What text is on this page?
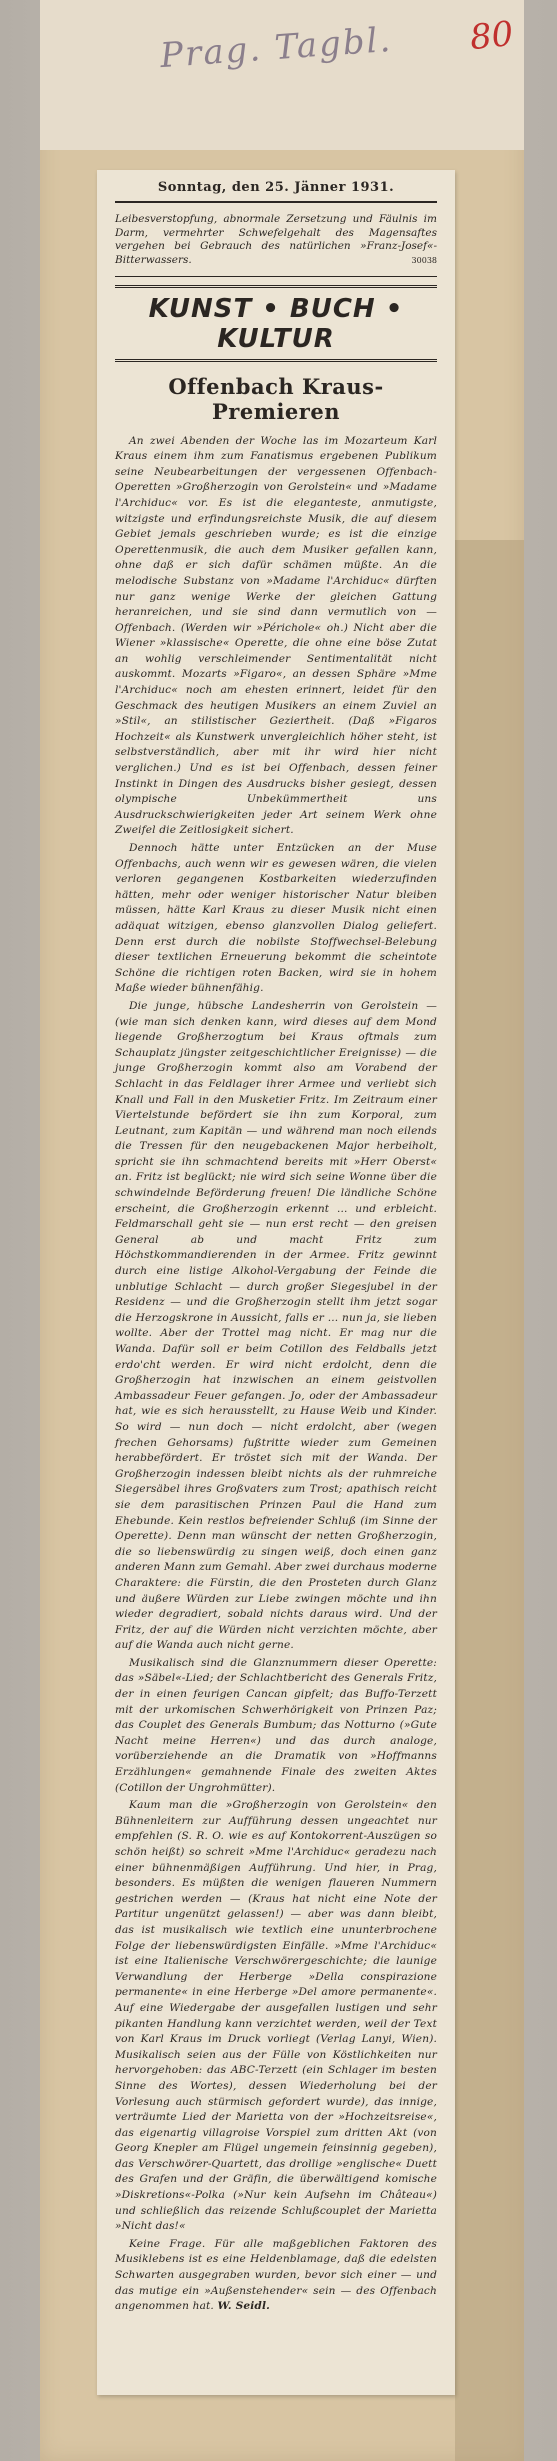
Prag. Tagbl. 80
Sonntag, den 25. Jänner 1931.
Leibesverstopfung, abnormale Zersetzung und Fäulnis im Darm, vermehrter Schwefelgehalt des Magensaftes vergehen bei Gebrauch des natürlichen »Franz-Josef«-Bitterwassers.	30038
KUNST • BUCH • KULTUR
Offenbach Kraus-Premieren

An zwei Abenden der Woche las im Mozarteum Karl Kraus einem ihm zum Fanatismus ergebenen Publikum seine Neubearbeitungen der vergessenen Offenbach-Operetten »Großherzogin von Gerolstein« und »Madame l'Archiduc« vor. Es ist die eleganteste, anmutigste, witzigste und erfindungsreichste Musik, die auf diesem Gebiet jemals geschrieben wurde; es ist die einzige Operettenmusik, die auch dem Musiker gefallen kann, ohne daß er sich dafür schämen müßte. An die melodische Substanz von »Madame l'Archiduc« dürften nur ganz wenige Werke der gleichen Gattung heranreichen, und sie sind dann vermutlich von — Offenbach. (Werden wir »Périchole« oh.) Nicht aber die Wiener »klassische« Operette, die ohne eine böse Zutat an wohlig verschleimender Sentimentalität nicht auskommt. Mozarts »Figaro«, an dessen Sphäre »Mme l'Archiduc« noch am ehesten erinnert, leidet für den Geschmack des heutigen Musikers an einem Zuviel an »Stil«, an stilistischer Geziertheit. (Daß »Figaros Hochzeit« als Kunstwerk unvergleichlich höher steht, ist selbstverständlich, aber mit ihr wird hier nicht verglichen.) Und es ist bei Offenbach, dessen feiner Instinkt in Dingen des Ausdrucks bisher gesiegt, dessen olympische Unbekümmertheit uns Ausdruckschwierigkeiten jeder Art seinem Werk ohne Zweifel die Zeitlosigkeit sichert.

Dennoch hätte unter Entzücken an der Muse Offenbachs, auch wenn wir es gewesen wären, die vielen verloren gegangenen Kostbarkeiten wiederzufinden hätten, mehr oder weniger historischer Natur bleiben müssen, hätte Karl Kraus zu dieser Musik nicht einen adäquat witzigen, ebenso glanzvollen Dialog geliefert. Denn erst durch die nobilste Stoffwechsel-Belebung dieser textlichen Erneuerung bekommt die scheintote Schöne die richtigen roten Backen, wird sie in hohem Maße wieder bühnenfähig.

Die junge, hübsche Landesherrin von Gerolstein — (wie man sich denken kann, wird dieses auf dem Mond liegende Großherzogtum bei Kraus oftmals zum Schauplatz jüngster zeitgeschichtlicher Ereignisse) — die junge Großherzogin kommt also am Vorabend der Schlacht in das Feldlager ihrer Armee und verliebt sich Knall und Fall in den Musketier Fritz. Im Zeitraum einer Viertelstunde befördert sie ihn zum Korporal, zum Leutnant, zum Kapitän — und während man noch eilends die Tressen für den neugebackenen Major herbeiholt, spricht sie ihn schmachtend bereits mit »Herr Oberst« an. Fritz ist beglückt; nie wird sich seine Wonne über die schwindelnde Beförderung freuen! Die ländliche Schöne erscheint, die Großherzogin erkennt ... und erbleicht. Feldmarschall geht sie — nun erst recht — den greisen General ab und macht Fritz zum Höchstkommandierenden in der Armee. Fritz gewinnt durch eine listige Alkohol-Vergabung der Feinde die unblutige Schlacht — durch großer Siegesjubel in der Residenz — und die Großherzogin stellt ihm jetzt sogar die Herzogskrone in Aussicht, falls er ... nun ja, sie lieben wollte. Aber der Trottel mag nicht. Er mag nur die Wanda. Dafür soll er beim Cotillon des Feldballs jetzt erdo'cht werden. Er wird nicht erdolcht, denn die Großherzogin hat inzwischen an einem geistvollen Ambassadeur Feuer gefangen. Jo, oder der Ambassadeur hat, wie es sich herausstellt, zu Hause Weib und Kinder. So wird — nun doch — nicht erdolcht, aber (wegen frechen Gehorsams) fußtritte wieder zum Gemeinen herabbefördert. Er tröstet sich mit der Wanda. Der Großherzogin indessen bleibt nichts als der ruhmreiche Siegersäbel ihres Großvaters zum Trost; apathisch reicht sie dem parasitischen Prinzen Paul die Hand zum Ehebunde. Kein restlos befreiender Schluß (im Sinne der Operette). Denn man wünscht der netten Großherzogin, die so liebenswürdig zu singen weiß, doch einen ganz anderen Mann zum Gemahl. Aber zwei durchaus moderne Charaktere: die Fürstin, die den Prosteten durch Glanz und äußere Würden zur Liebe zwingen möchte und ihn wieder degradiert, sobald nichts daraus wird. Und der Fritz, der auf die Würden nicht verzichten möchte, aber auf die Wanda auch nicht gerne.

Musikalisch sind die Glanznummern dieser Operette: das »Säbel«-Lied; der Schlachtbericht des Generals Fritz, der in einen feurigen Cancan gipfelt; das Buffo-Terzett mit der urkomischen Schwerhörigkeit von Prinzen Paz; das Couplet des Generals Bumbum; das Notturno (»Gute Nacht meine Herren«) und das durch analoge, vorüberziehende an die Dramatik von »Hoffmanns Erzählungen« gemahnende Finale des zweiten Aktes (Cotillon der Ungrohmütter).

Kaum man die »Großherzogin von Gerolstein« den Bühnenleitern zur Aufführung dessen ungeachtet nur empfehlen (S. R. O. wie es auf Kontokorrent-Auszügen so schön heißt) so schreit »Mme l'Archiduc« geradezu nach einer bühnenmäßigen Aufführung. Und hier, in Prag, besonders. Es müßten die wenigen flaueren Nummern gestrichen werden — (Kraus hat nicht eine Note der Partitur ungenützt gelassen!) — aber was dann bleibt, das ist musikalisch wie textlich eine ununterbrochene Folge der liebenswürdigsten Einfälle. »Mme l'Archiduc« ist eine Italienische Verschwörergeschichte; die launige Verwandlung der Herberge »Della conspirazione permanente« in eine Herberge »Del amore permanente«. Auf eine Wiedergabe der ausgefallen lustigen und sehr pikanten Handlung kann verzichtet werden, weil der Text von Karl Kraus im Druck vorliegt (Verlag Lanyi, Wien). Musikalisch seien aus der Fülle von Köstlichkeiten nur hervorgehoben: das ABC-Terzett (ein Schlager im besten Sinne des Wortes), dessen Wiederholung bei der Vorlesung auch stürmisch gefordert wurde), das innige, verträumte Lied der Marietta von der »Hochzeitsreise«, das eigenartig villagroise Vorspiel zum dritten Akt (von Georg Knepler am Flügel ungemein feinsinnig gegeben), das Verschwörer-Quartett, das drollige »englische« Duett des Grafen und der Gräfin, die überwältigend komische »Diskretions«-Polka (»Nur kein Aufsehn im Château«) und schließlich das reizende Schlußcouplet der Marietta »Nicht das!«

Keine Frage. Für alle maßgeblichen Faktoren des Musiklebens ist es eine Heldenblamage, daß die edelsten Schwarten ausgegraben wurden, bevor sich einer — und das mutige ein »Außenstehender« sein — des Offenbach angenommen hat. W. Seidl.
